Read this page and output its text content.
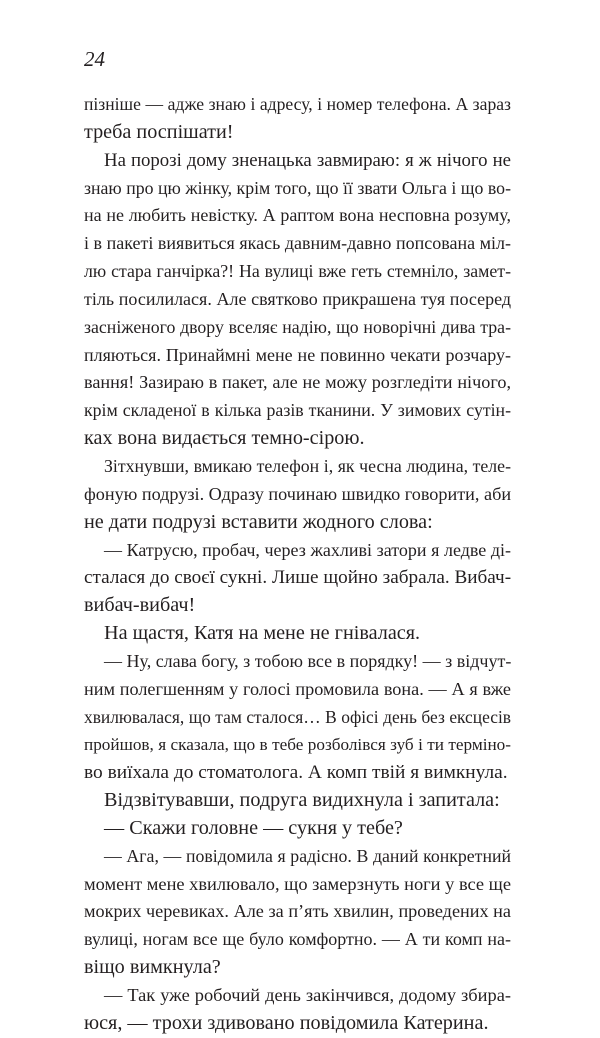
24

пізніше — адже знаю і адресу, і номер телефона. А зараз
треба поспішати!
На порозі дому зненацька завмираю: я ж нічого не
знаю про цю жінку, крім того, що її звати Ольга і що во-
на не любить невістку. А раптом вона несповна розуму,
і в пакеті виявиться якась давним-давно попсована міл-
лю стара ганчірка?! На вулиці вже геть стемніло, замет-
тіль посилилася. Але святково прикрашена туя посеред
засніженого двору вселяє надію, що новорічні дива тра-
пляються. Принаймні мене не повинно чекати розчару-
вання! Зазираю в пакет, але не можу розгледіти нічого,
крім складеної в кілька разів тканини. У зимових сутін-
ках вона видається темно-сірою.
Зітхнувши, вмикаю телефон і, як чесна людина, теле-
фоную подрузі. Одразу починаю швидко говорити, аби
не дати подрузі вставити жодного слова:
— Катрусю, пробач, через жахливі затори я ледве ді-
сталася до своєї сукні. Лише щойно забрала. Вибач-
вибач-вибач!
На щастя, Катя на мене не гнівалася.
— Ну, слава богу, з тобою все в порядку! — з відчут-
ним полегшенням у голосі промовила вона. — А я вже
хвилювалася, що там сталося… В офісі день без ексцесів
пройшов, я сказала, що в тебе розболівся зуб і ти терміно-
во виїхала до стоматолога. А комп твій я вимкнула.
Відзвітувавши, подруга видихнула і запитала:
— Скажи головне — сукня у тебе?
— Ага, — повідомила я радісно. В даний конкретний
момент мене хвилювало, що замерзнуть ноги у все ще
мокрих черевиках. Але за п’ять хвилин, проведених на
вулиці, ногам все ще було комфортно. — А ти комп на-
віщо вимкнула?
— Так уже робочий день закінчився, додому збира-
юся, — трохи здивовано повідомила Катерина.
